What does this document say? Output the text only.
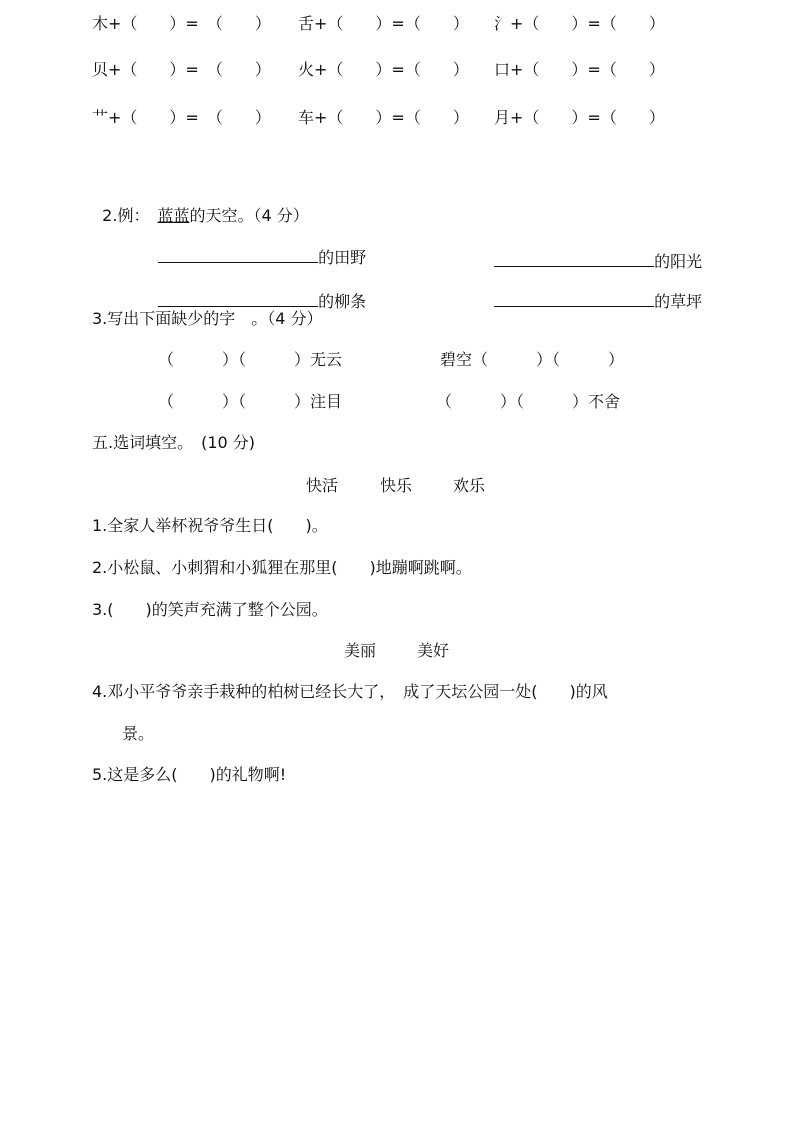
木+（　　）=　（　　） 舌+（　　）=（　　） 氵+（　　）=（　　）
贝+（　　）=　（　　） 火+（　　）=（　　） 口+（　　）=（　　）
艹+（　　）=　（　　） 车+（　　）=（　　） 月+（　　）=（　　）

2.例：　蓝蓝的天空。（4 分）

的田野	的阳光

的柳条	的草坪

3.写出下面缺少的字　。（4 分）
（　　　）（　　　）无云	碧空（　　　）（　　　）
（　　　）（　　　）注目	（　　　）（　　　）不舍
五.选词填空。　(10 分)
快活	快乐	欢乐
1.全家人举杯祝爷爷生日(　　)。
2.小松鼠、小刺猬和小狐狸在那里(　　)地蹦啊跳啊。
3.(　　)的笑声充满了整个公园。
美丽	美好
4.邓小平爷爷亲手栽种的柏树已经长大了，　成了天坛公园一处(　　)的风
景。
5.这是多么(　　)的礼物啊!
